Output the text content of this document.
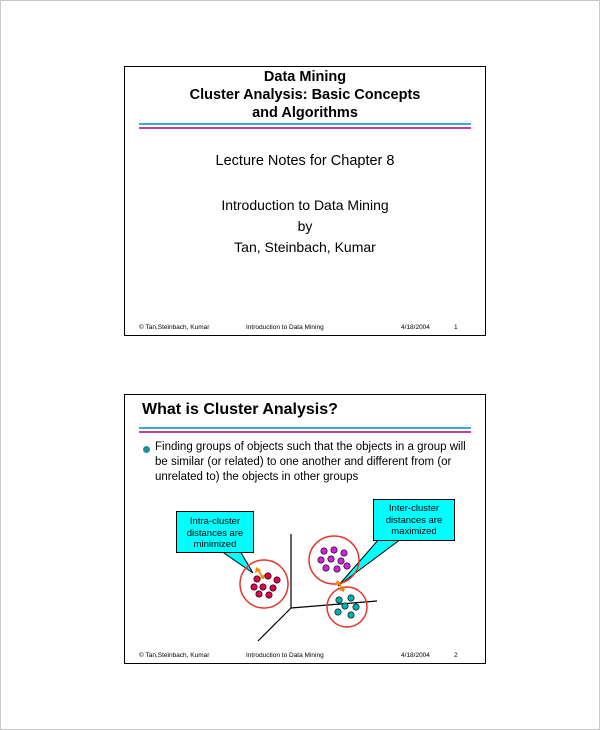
Data Mining
Cluster Analysis: Basic Concepts
and Algorithms
Lecture Notes for Chapter 8
Introduction to Data Mining
by
Tan, Steinbach, Kumar
© Tan,Steinbach, Kumar	Introduction to Data Mining	4/18/2004	1
What is Cluster Analysis?
Finding groups of objects such that the objects in a group will be similar (or related) to one another and different from (or unrelated to) the objects in other groups
Intra-cluster
distances are
minimized
Inter-cluster
distances are
maximized
© Tan,Steinbach, Kumar	Introduction to Data Mining	4/18/2004	2
